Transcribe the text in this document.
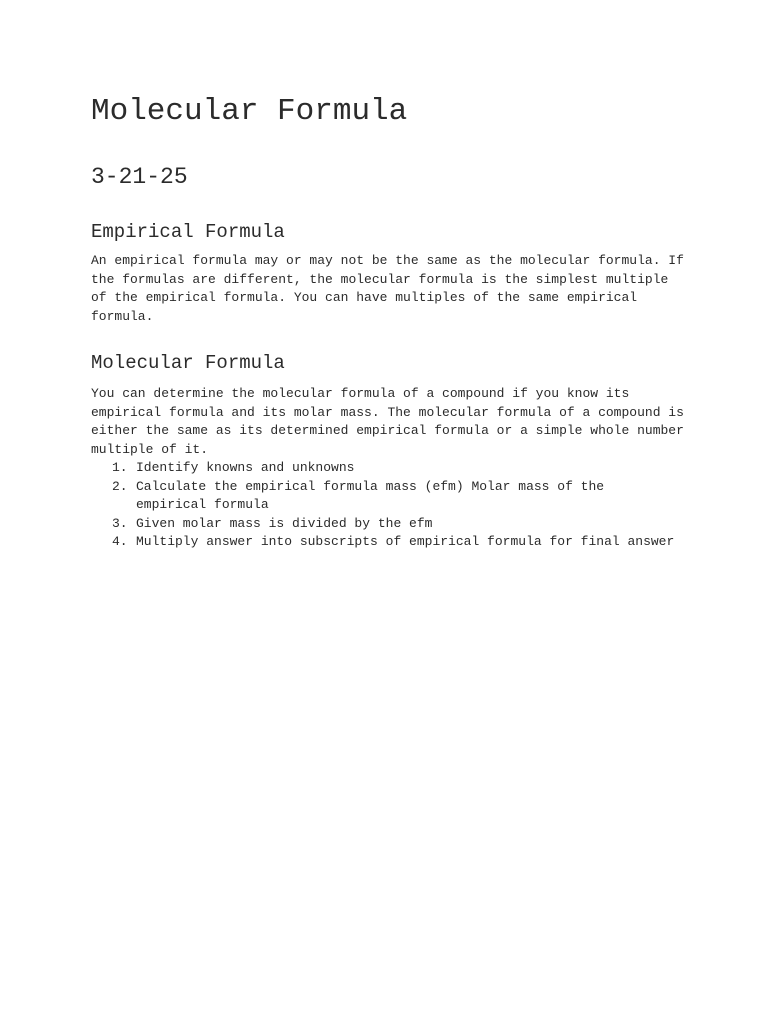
Molecular Formula
3-21-25
Empirical Formula

An empirical formula may or may not be the same as the molecular formula. If the formulas are different, the molecular formula is the simplest multiple of the empirical formula. You can have multiples of the same empirical formula.

Molecular Formula

You can determine the molecular formula of a compound if you know its empirical formula and its molar mass. The molecular formula of a compound is either the same as its determined empirical formula or a simple whole number multiple of it.

1. Identify knowns and unknowns
2. Calculate the empirical formula mass (efm) Molar mass of the empirical formula
3. Given molar mass is divided by the efm
4. Multiply answer into subscripts of empirical formula for final answer
